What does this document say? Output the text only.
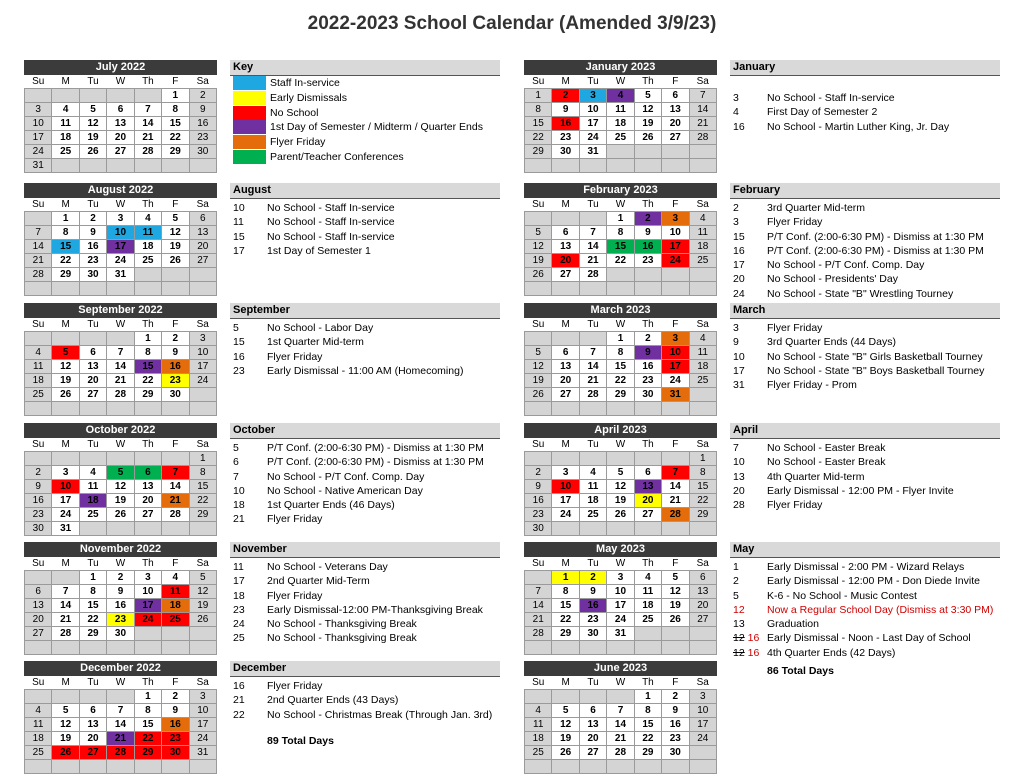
2022-2023 School Calendar (Amended 3/9/23)
July 2022
Su	M	Tu	W	Th	F	Sa
					1	2
3	4	5	6	7	8	9
10	11	12	13	14	15	16
17	18	19	20	21	22	23
24	25	26	27	28	29	30
31						
August 2022
Su	M	Tu	W	Th	F	Sa
	1	2	3	4	5	6
7	8	9	10	11	12	13
14	15	16	17	18	19	20
21	22	23	24	25	26	27
28	29	30	31			

September 2022
Su	M	Tu	W	Th	F	Sa
				1	2	3
4	5	6	7	8	9	10
11	12	13	14	15	16	17
18	19	20	21	22	23	24
25	26	27	28	29	30	

October 2022
Su	M	Tu	W	Th	F	Sa
						1
2	3	4	5	6	7	8
9	10	11	12	13	14	15
16	17	18	19	20	21	22
23	24	25	26	27	28	29
30	31					
November 2022
Su	M	Tu	W	Th	F	Sa
		1	2	3	4	5
6	7	8	9	10	11	12
13	14	15	16	17	18	19
20	21	22	23	24	25	26
27	28	29	30			

December 2022
Su	M	Tu	W	Th	F	Sa
				1	2	3
4	5	6	7	8	9	10
11	12	13	14	15	16	17
18	19	20	21	22	23	24
25	26	27	28	29	30	31

January 2023
Su	M	Tu	W	Th	F	Sa
1	2	3	4	5	6	7
8	9	10	11	12	13	14
15	16	17	18	19	20	21
22	23	24	25	26	27	28
29	30	31				

February 2023
Su	M	Tu	W	Th	F	Sa
			1	2	3	4
5	6	7	8	9	10	11
12	13	14	15	16	17	18
19	20	21	22	23	24	25
26	27	28				

March 2023
Su	M	Tu	W	Th	F	Sa
			1	2	3	4
5	6	7	8	9	10	11
12	13	14	15	16	17	18
19	20	21	22	23	24	25
26	27	28	29	30	31	

April 2023
Su	M	Tu	W	Th	F	Sa
						1
2	3	4	5	6	7	8
9	10	11	12	13	14	15
16	17	18	19	20	21	22
23	24	25	26	27	28	29
30						
May 2023
Su	M	Tu	W	Th	F	Sa
	1	2	3	4	5	6
7	8	9	10	11	12	13
14	15	16	17	18	19	20
21	22	23	24	25	26	27
28	29	30	31			

June 2023
Su	M	Tu	W	Th	F	Sa
				1	2	3
4	5	6	7	8	9	10
11	12	13	14	15	16	17
18	19	20	21	22	23	24
25	26	27	28	29	30	

Key
Staff In-service
Early Dismissals
No School
1st Day of Semester / Midterm / Quarter Ends
Flyer Friday
Parent/Teacher Conferences
August
10 No School - Staff In-service
11 No School - Staff In-service
15 No School - Staff In-service
17 1st Day of Semester 1
September
5	No School - Labor Day
15 1st Quarter Mid-term
16 Flyer Friday
23 Early Dismissal - 11:00 AM (Homecoming)
October
5	P/T Conf. (2:00-6:30 PM) - Dismiss at 1:30 PM
6	P/T Conf. (2:00-6:30 PM) - Dismiss at 1:30 PM
7	No School - P/T Conf. Comp. Day
10 No School - Native American Day
18 1st Quarter Ends (46 Days)
21 Flyer Friday
November
11 No School - Veterans Day
17 2nd Quarter Mid-Term
18 Flyer Friday
23 Early Dismissal-12:00 PM-Thanksgiving Break
24 No School - Thanksgiving Break
25 No School - Thanksgiving Break
December
16 Flyer Friday
21 2nd Quarter Ends (43 Days)
22 No School - Christmas Break (Through Jan. 3rd)
89 Total Days
January
3	No School - Staff In-service
4	First Day of Semester 2
16 No School - Martin Luther King, Jr. Day
February
2	3rd Quarter Mid-term
3	Flyer Friday
15 P/T Conf. (2:00-6:30 PM) - Dismiss at 1:30 PM
16 P/T Conf. (2:00-6:30 PM) - Dismiss at 1:30 PM
17 No School - P/T Conf. Comp. Day
20 No School - Presidents' Day
24 No School - State "B" Wrestling Tourney
March
3	Flyer Friday
9	3rd Quarter Ends (44 Days)
10 No School - State "B" Girls Basketball Tourney
17 No School - State "B" Boys Basketball Tourney
31 Flyer Friday - Prom
April
7	No School - Easter Break
10 No School - Easter Break
13 4th Quarter Mid-term
20 Early Dismissal - 12:00 PM - Flyer Invite
28 Flyer Friday
May
1	Early Dismissal - 2:00 PM - Wizard Relays
2	Early Dismissal - 12:00 PM - Don Diede Invite
5	K-6 - No School - Music Contest
12 Now a Regular School Day (Dismiss at 3:30 PM)
13 Graduation
12 16 Early Dismissal - Noon - Last Day of School
12 16 4th Quarter Ends (42 Days)
86 Total Days
